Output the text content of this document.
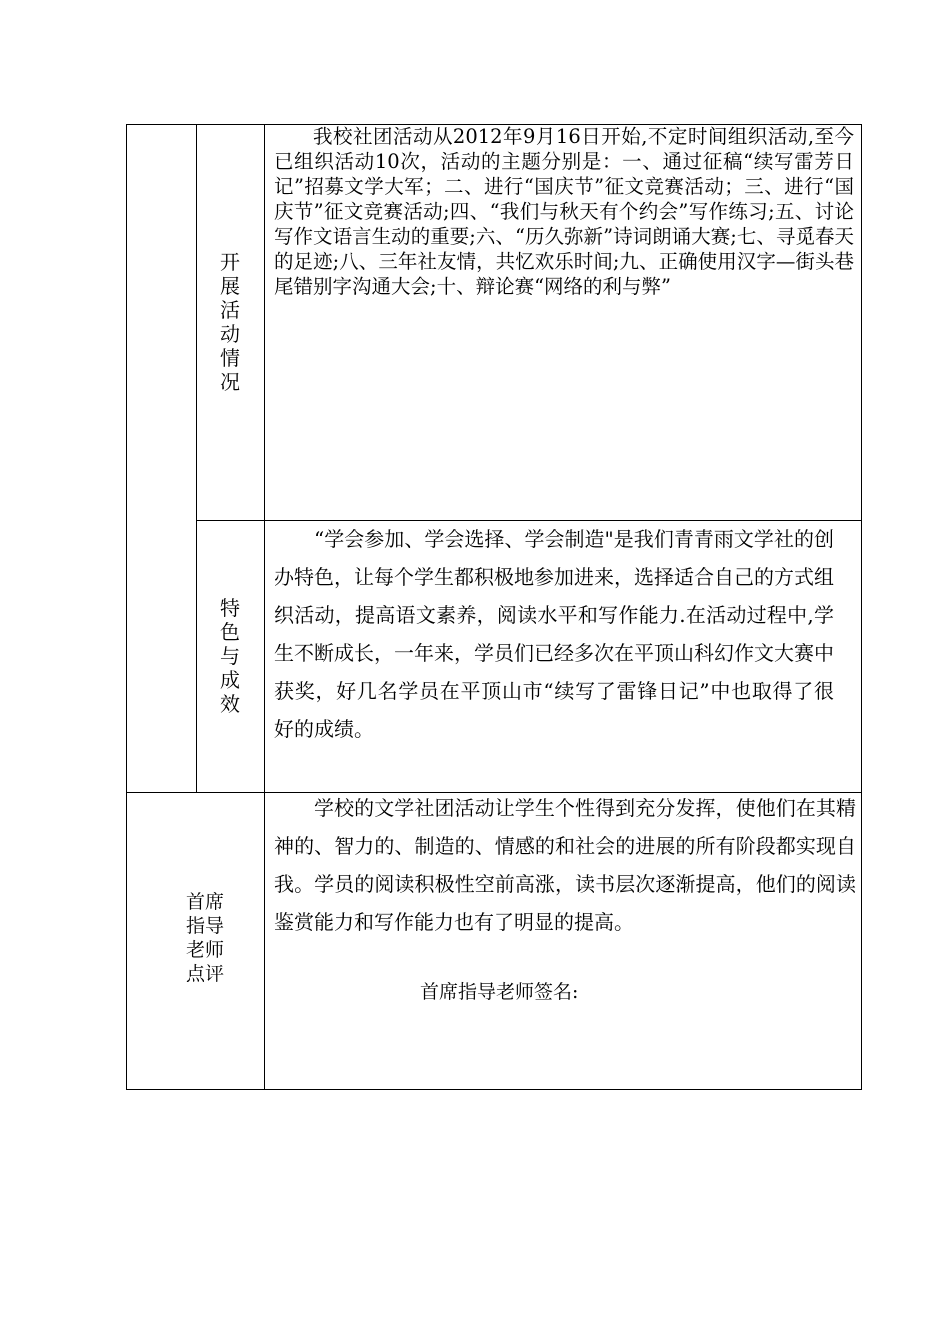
开
展
活
动
情
况
我校社团活动从2012年9月16日开始,不定时间组织活动,至今已组织活动10次，活动的主题分别是：一、通过征稿“续写雷芳日记”招募文学大军；二、进行“国庆节”征文竞赛活动；三、进行“国庆节”征文竞赛活动;四、“我们与秋天有个约会”写作练习;五、讨论写作文语言生动的重要;六、“历久弥新”诗词朗诵大赛;七、寻觅春天的足迹;八、三年社友情，共忆欢乐时间;九、正确使用汉字—街头巷尾错别字沟通大会;十、辩论赛“网络的利与弊”
特
色
与
成
效
“学会参加、学会选择、学会制造"是我们青青雨文学社的创办特色，让每个学生都积极地参加进来，选择适合自己的方式组织活动，提高语文素养，阅读水平和写作能力.在活动过程中,学生不断成长，一年来，学员们已经多次在平顶山科幻作文大赛中获奖，好几名学员在平顶山市“续写了雷锋日记”中也取得了很好的成绩。
首席
指导
老师
点评
学校的文学社团活动让学生个性得到充分发挥，使他们在其精神的、智力的、制造的、情感的和社会的进展的所有阶段都实现自我。学员的阅读积极性空前高涨，读书层次逐渐提高，他们的阅读鉴赏能力和写作能力也有了明显的提高。
首席指导老师签名:
